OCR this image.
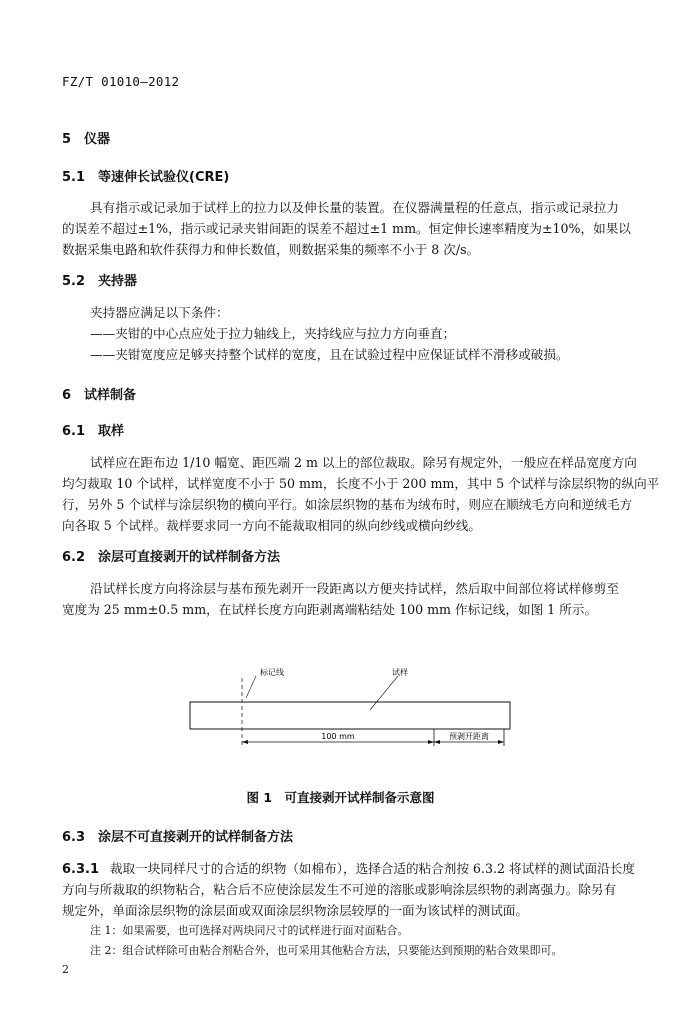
FZ/T 01010—2012
5 仪器
5.1 等速伸长试验仪(CRE)
具有指示或记录加于试样上的拉力以及伸长量的装置。在仪器满量程的任意点，指示或记录拉力
的误差不超过±1%，指示或记录夹钳间距的误差不超过±1 mm。恒定伸长速率精度为±10%，如果以
数据采集电路和软件获得力和伸长数值，则数据采集的频率不小于 8 次/s。
5.2 夹持器
夹持器应满足以下条件：
——夹钳的中心点应处于拉力轴线上，夹持线应与拉力方向垂直；
——夹钳宽度应足够夹持整个试样的宽度，且在试验过程中应保证试样不滑移或破损。
6 试样制备
6.1 取样
试样应在距布边 1/10 幅宽、距匹端 2 m 以上的部位裁取。除另有规定外，一般应在样品宽度方向
均匀裁取 10 个试样，试样宽度不小于 50 mm，长度不小于 200 mm，其中 5 个试样与涂层织物的纵向平
行，另外 5 个试样与涂层织物的横向平行。如涂层织物的基布为绒布时，则应在顺绒毛方向和逆绒毛方
向各取 5 个试样。裁样要求同一方向不能裁取相同的纵向纱线或横向纱线。
6.2 涂层可直接剥开的试样制备方法
沿试样长度方向将涂层与基布预先剥开一段距离以方便夹持试样，然后取中间部位将试样修剪至
宽度为 25 mm±0.5 mm，在试样长度方向距剥离端粘结处 100 mm 作标记线，如图 1 所示。
标记线	试样
100 mm	预剥开距离
图 1　可直接剥开试样制备示意图
6.3 涂层不可直接剥开的试样制备方法
6.3.1 裁取一块同样尺寸的合适的织物（如棉布），选择合适的粘合剂按 6.3.2 将试样的测试面沿长度
方向与所裁取的织物粘合，粘合后不应使涂层发生不可逆的溶胀或影响涂层织物的剥离强力。除另有
规定外，单面涂层织物的涂层面或双面涂层织物涂层较厚的一面为该试样的测试面。
注 1：如果需要，也可选择对两块同尺寸的试样进行面对面粘合。
注 2：组合试样除可由粘合剂粘合外，也可采用其他粘合方法，只要能达到预期的粘合效果即可。
2
